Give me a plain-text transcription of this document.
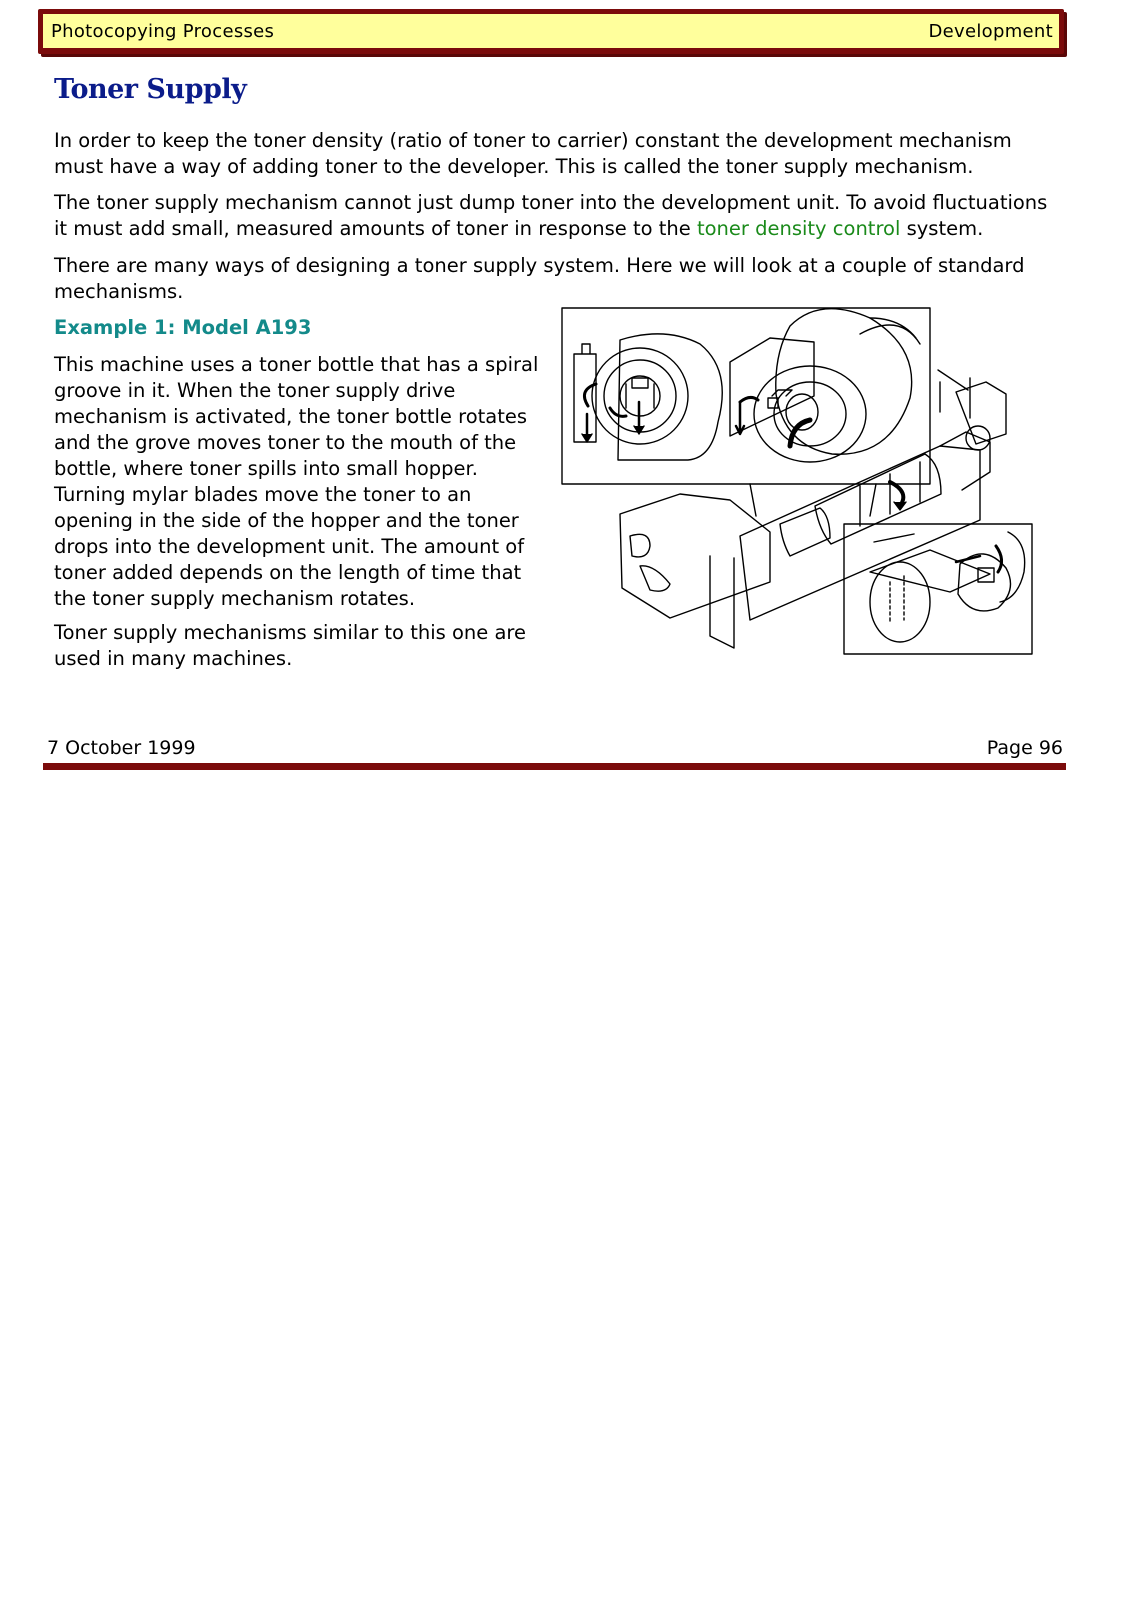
Photocopying Processes	Development
Toner Supply

In order to keep the toner density (ratio of toner to carrier) constant the development mechanism must have a way of adding toner to the developer. This is called the toner supply mechanism.

The toner supply mechanism cannot just dump toner into the development unit. To avoid fluctuations it must add small, measured amounts of toner in response to the toner density control system.

There are many ways of designing a toner supply system. Here we will look at a couple of standard mechanisms.

Example 1: Model A193

This machine uses a toner bottle that has a spiral groove in it. When the toner supply drive mechanism is activated, the toner bottle rotates and the grove moves toner to the mouth of the bottle, where toner spills into small hopper. Turning mylar blades move the toner to an opening in the side of the hopper and the toner drops into the development unit. The amount of toner added depends on the length of time that the toner supply mechanism rotates.

Toner supply mechanisms similar to this one are used in many machines.

7 October 1999	Page 96
